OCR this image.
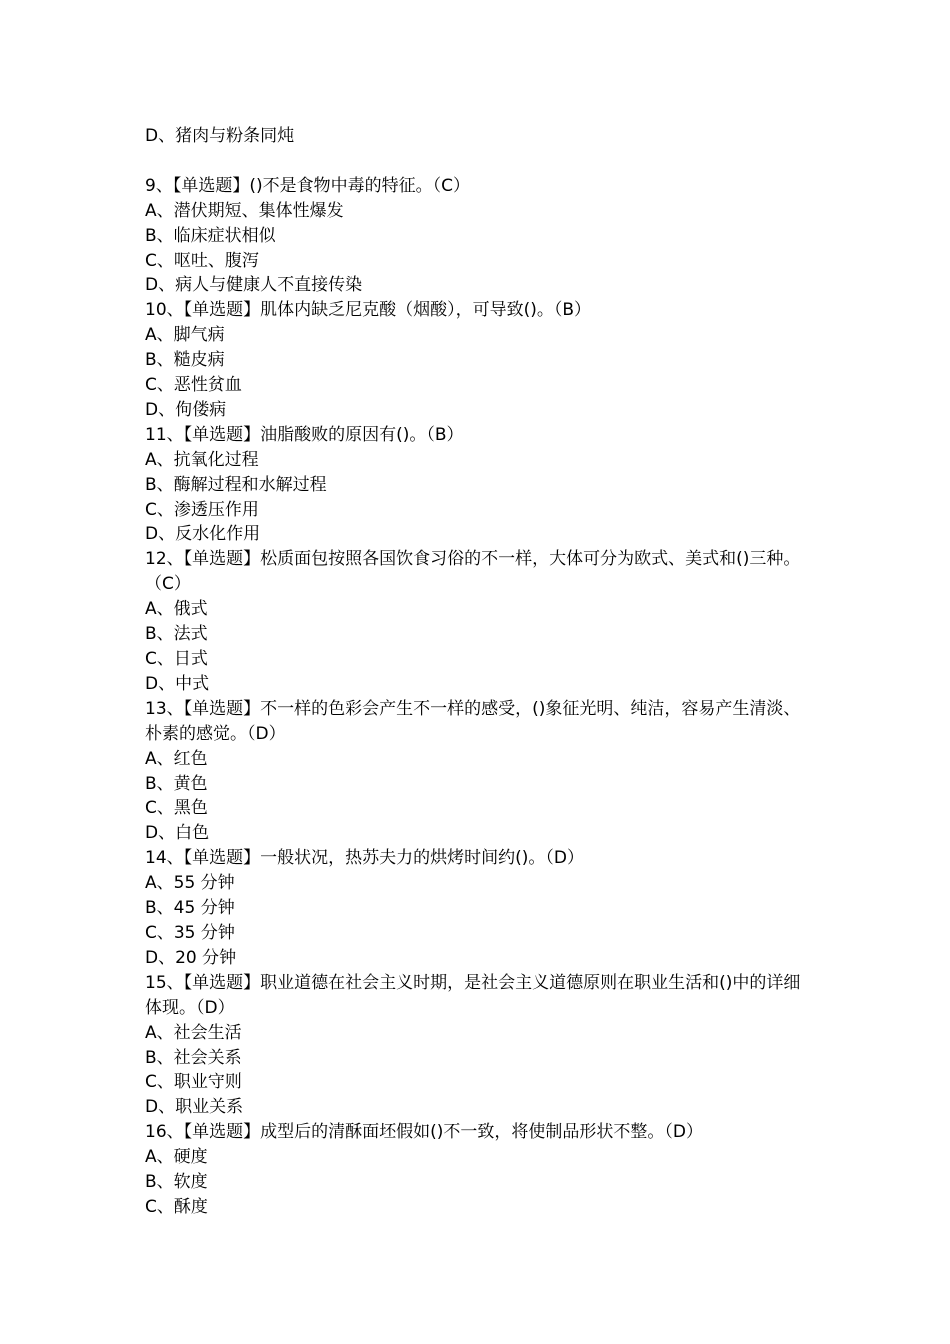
D、猪肉与粉条同炖
9、【单选题】()不是食物中毒的特征。（C）
A、潜伏期短、集体性爆发
B、临床症状相似
C、呕吐、腹泻
D、病人与健康人不直接传染
10、【单选题】肌体内缺乏尼克酸（烟酸），可导致()。（B）
A、脚气病
B、糙皮病
C、恶性贫血
D、佝偻病
11、【单选题】油脂酸败的原因有()。（B）
A、抗氧化过程
B、酶解过程和水解过程
C、渗透压作用
D、反水化作用
12、【单选题】松质面包按照各国饮食习俗的不一样，大体可分为欧式、美式和()三种。（C）
A、俄式
B、法式
C、日式
D、中式
13、【单选题】不一样的色彩会产生不一样的感受，()象征光明、纯洁，容易产生清淡、朴素的感觉。（D）
A、红色
B、黄色
C、黑色
D、白色
14、【单选题】一般状况，热苏夫力的烘烤时间约()。（D）
A、55 分钟
B、45 分钟
C、35 分钟
D、20 分钟
15、【单选题】职业道德在社会主义时期，是社会主义道德原则在职业生活和()中的详细体现。（D）
A、社会生活
B、社会关系
C、职业守则
D、职业关系
16、【单选题】成型后的清酥面坯假如()不一致，将使制品形状不整。（D）
A、硬度
B、软度
C、酥度
